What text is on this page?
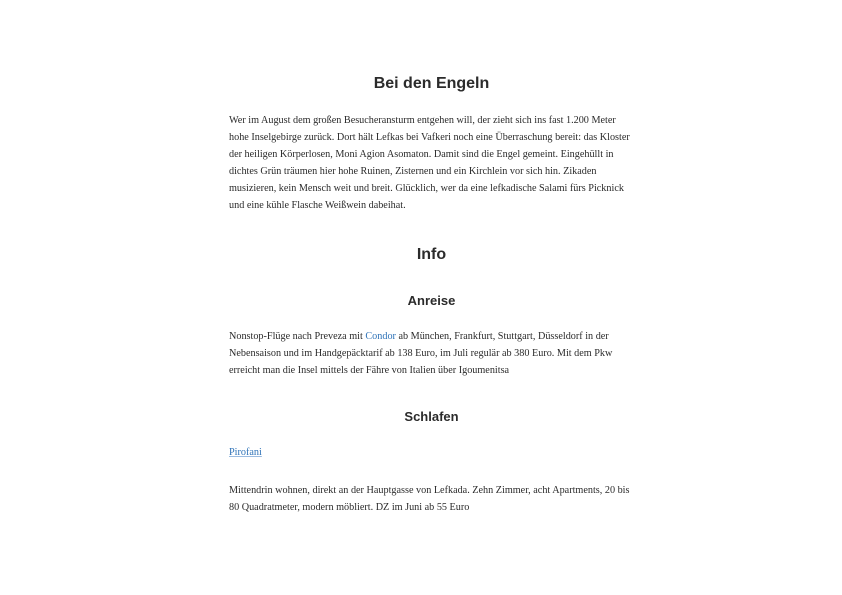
Bei den Engeln

Wer im August dem großen Besucheransturm entgehen will, der zieht sich ins fast 1.200 Meter hohe Inselgebirge zurück. Dort hält Lefkas bei Vafkeri noch eine Überraschung bereit: das Kloster der heiligen Körperlosen, Moni Agion Asomaton. Damit sind die Engel gemeint. Eingehüllt in dichtes Grün träumen hier hohe Ruinen, Zisternen und ein Kirchlein vor sich hin. Zikaden musizieren, kein Mensch weit und breit. Glücklich, wer da eine lefkadische Salami fürs Picknick und eine kühle Flasche Weißwein dabeihat.

Info
Anreise

Nonstop-Flüge nach Preveza mit Condor ab München, Frankfurt, Stuttgart, Düsseldorf in der Nebensaison und im Handgepäcktarif ab 138 Euro, im Juli regulär ab 380 Euro. Mit dem Pkw erreicht man die Insel mittels der Fähre von Italien über Igoumenitsa

Schlafen

Pirofani

Mittendrin wohnen, direkt an der Hauptgasse von Lefkada. Zehn Zimmer, acht Apartments, 20 bis 80 Quadratmeter, modern möbliert. DZ im Juni ab 55 Euro
